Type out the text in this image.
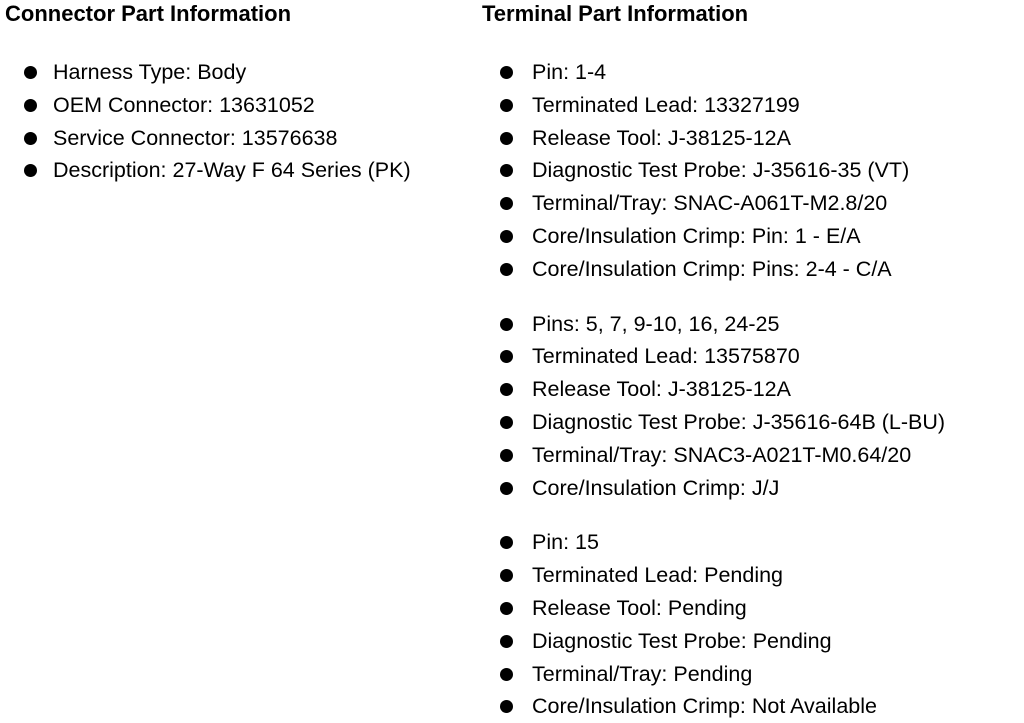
Connector Part Information
Harness Type: Body
OEM Connector: 13631052
Service Connector: 13576638
Description: 27-Way F 64 Series (PK)
Terminal Part Information
Pin: 1-4
Terminated Lead: 13327199
Release Tool: J-38125-12A
Diagnostic Test Probe: J-35616-35 (VT)
Terminal/Tray: SNAC-A061T-M2.8/20
Core/Insulation Crimp: Pin: 1 - E/A
Core/Insulation Crimp: Pins: 2-4 - C/A
Pins: 5, 7, 9-10, 16, 24-25
Terminated Lead: 13575870
Release Tool: J-38125-12A
Diagnostic Test Probe: J-35616-64B (L-BU)
Terminal/Tray: SNAC3-A021T-M0.64/20
Core/Insulation Crimp: J/J
Pin: 15
Terminated Lead: Pending
Release Tool: Pending
Diagnostic Test Probe: Pending
Terminal/Tray: Pending
Core/Insulation Crimp: Not Available
